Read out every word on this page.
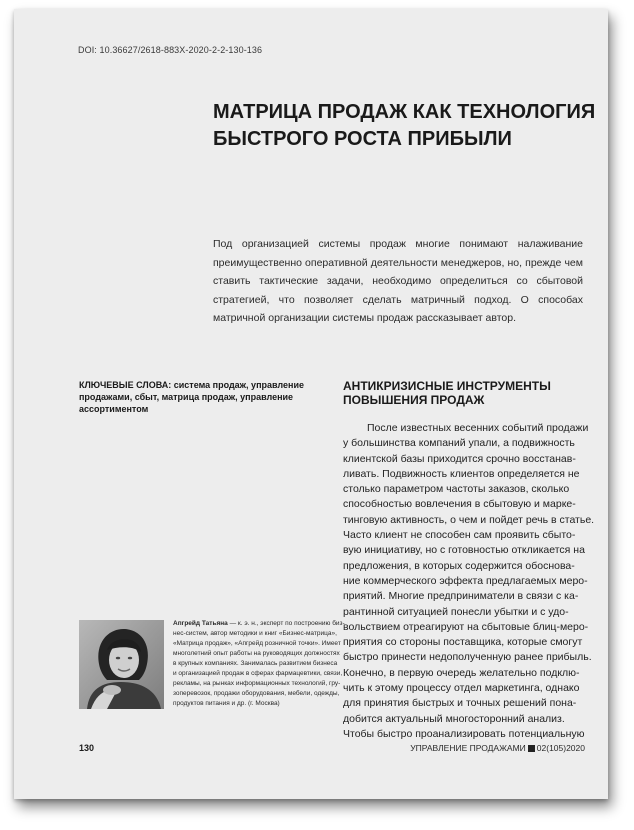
DOI: 10.36627/2618-883X-2020-2-2-130-136
МАТРИЦА ПРОДАЖ КАК ТЕХНОЛОГИЯ
БЫСТРОГО РОСТА ПРИБЫЛИ

Под организацией системы продаж многие понимают налаживание преимущественно оперативной деятельности менеджеров, но, прежде чем ставить тактические задачи, необходимо определиться со сбытовой стратегией, что позволяет сделать матричный подход. О способах матричной организации системы продаж рассказывает автор.

КЛЮЧЕВЫЕ СЛОВА: система продаж, управление продажами, сбыт, матрица продаж, управление ассортиментом

АНТИКРИЗИСНЫЕ ИНСТРУМЕНТЫ
ПОВЫШЕНИЯ ПРОДАЖ
После известных весенних событий продажи
у большинства компаний упали, а подвижность
клиентской базы приходится срочно восстанав-
ливать. Подвижность клиентов определяется не
столько параметром частоты заказов, сколько
способностью вовлечения в сбытовую и марке-
тинговую активность, о чем и пойдет речь в статье.
Часто клиент не способен сам проявить сбыто-
вую инициативу, но с готовностью откликается на
предложения, в которых содержится обоснова-
ние коммерческого эффекта предлагаемых меро-
приятий. Многие предприниматели в связи с ка-
рантинной ситуацией понесли убытки и с удо-
вольствием отреагируют на сбытовые блиц-меро-
приятия со стороны поставщика, которые смогут
быстро принести недополученную ранее прибыль.
Конечно, в первую очередь желательно подклю-
чить к этому процессу отдел маркетинга, однако
для принятия быстрых и точных решений пона-
добится актуальный многосторонний анализ.
Чтобы быстро проанализировать потенциальную
Апгрейд Татьяна — к. э. н., эксперт по построению биз-
нес-систем, автор методики и книг «Бизнес-матрица»,
«Матрица продаж», «Апгрейд розничной точки». Имеет
многолетний опыт работы на руководящих должностях
в крупных компаниях. Занималась развитием бизнеса
и организацией продаж в сферах фармацевтики, связи,
рекламы, на рынках информационных технологий, гру-
зоперевозок, продажи оборудования, мебели, одежды,
продуктов питания и др. (г. Москва)
130	УПРАВЛЕНИЕ ПРОДАЖАМИ 02(105)2020
